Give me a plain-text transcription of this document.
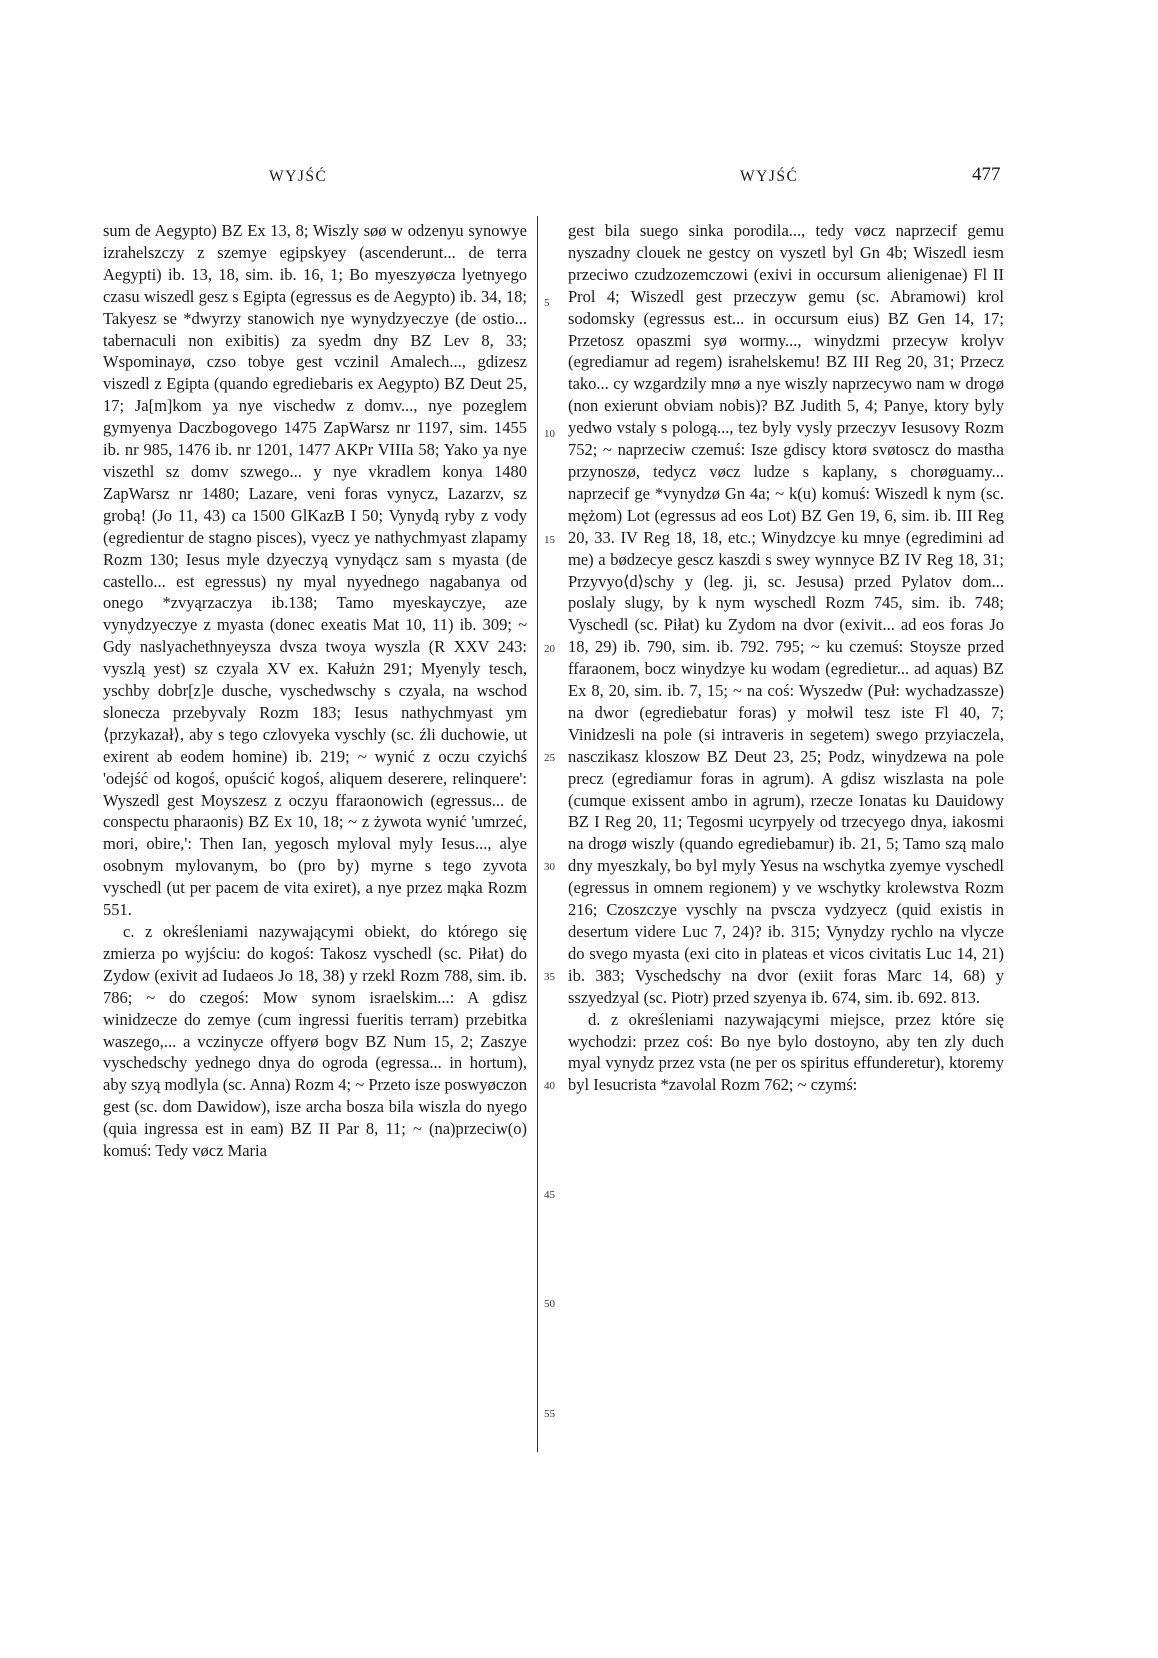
WYJŚĆ	WYJŚĆ	477

sum de Aegypto) BZ Ex 13, 8; Wiszly søø w odzenyu synowye izrahelszczy z szemye egipskyey (ascenderunt... de terra Aegypti) ib. 13, 18, sim. ib. 16, 1; Bo myeszyøcza lyetnyego czasu wiszedl gesz s Egipta (egressus es de Aegypto) ib. 34, 18; Takyesz se *dwyrzy stanowich nye wynydzyeczye (de ostio... tabernaculi non exibitis) za syedm dny BZ Lev 8, 33; Wspominayø, czso tobye gest vczinil Amalech..., gdizesz viszedl z Egipta (quando egrediebaris ex Aegypto) BZ Deut 25, 17; Ja[m]kom ya nye vischedw z domv..., nye pozeglem gymyenya Daczbogovego 1475 ZapWarsz nr 1197, sim. 1455 ib. nr 985, 1476 ib. nr 1201, 1477 AKPr VIIIa 58; Yako ya nye viszethl sz domv szwego... y nye vkradlem konya 1480 ZapWarsz nr 1480; Lazare, veni foras vynycz, Lazarzv, sz grobą! (Jo 11, 43) ca 1500 GlKazB I 50; Vynydą ryby z vody (egredientur de stagno pisces), vyecz ye nathychmyast zlapamy Rozm 130; Iesus myle dzyeczyą vynydącz sam s myasta (de castello... est egressus) ny myal nyyednego nagabanya od onego *zvyąrzaczya ib.138; Tamo myeskayczye, aze vynydzyeczye z myasta (donec exeatis Mat 10, 11) ib. 309; ~ Gdy naslyachethnyeysza dvsza twoya wyszla (R XXV 243: vyszlą yest) sz czyala XV ex. Kałużn 291; Myenyly tesch, yschby dobr[z]e dusche, vyschedwschy s czyala, na wschod slonecza przebyvaly Rozm 183; Iesus nathychmyast ym ⟨przykazał⟩, aby s tego czlovyeka vyschly (sc. źli duchowie, ut exirent ab eodem homine) ib. 219; ~ wynić z oczu czyichś 'odejść od kogoś, opuścić kogoś, aliquem deserere, relinquere': Wyszedl gest Moyszesz z oczyu ffaraonowich (egressus... de conspectu pharaonis) BZ Ex 10, 18; ~ z żywota wynić 'umrzeć, mori, obire,': Then Ian, yegosch myloval myly Iesus..., alye osobnym mylovanym, bo (pro by) myrne s tego zyvota vyschedl (ut per pacem de vita exiret), a nye przez mąka Rozm 551.

c. z określeniami nazywającymi obiekt, do którego się zmierza po wyjściu: do kogoś: Takosz vyschedl (sc. Piłat) do Zydow (exivit ad Iudaeos Jo 18, 38) y rzekl Rozm 788, sim. ib. 786; ~ do czegoś: Mow synom israelskim...: A gdisz winidzecze do zemye (cum ingressi fueritis terram) przebitka waszego,... a vczinycze offyerø bogv BZ Num 15, 2; Zaszye vyschedschy yednego dnya do ogroda (egressa... in hortum), aby szyą modlyla (sc. Anna) Rozm 4; ~ Przeto isze poswyøczon gest (sc. dom Dawidow), isze archa bosza bila wiszla do nyego (quia ingressa est in eam) BZ II Par 8, 11; ~ (na)przeciw(o) komuś: Tedy vøcz Maria

5
10
15
20
25
30
35
40
45
50
55

gest bila suego sinka porodila..., tedy vøcz naprzecif gemu nyszadny clouek ne gestcy on vyszetl byl Gn 4b; Wiszedl iesm przeciwo czudzozemczowi (exivi in occursum alienigenae) Fl II Prol 4; Wiszedl gest przeczyw gemu (sc. Abramowi) krol sodomsky (egressus est... in occursum eius) BZ Gen 14, 17; Przetosz opaszmi syø wormy..., winydzmi przecyw krolyv (egrediamur ad regem) israhelskemu! BZ III Reg 20, 31; Przecz tako... cy wzgardzily mnø a nye wiszly naprzecywo nam w drogø (non exierunt obviam nobis)? BZ Judith 5, 4; Panye, ktory byly yedwo vstaly s pologą..., tez byly vysly przeczyv Iesusovy Rozm 752; ~ naprzeciw czemuś: Isze gdiscy ktorø svøtoscz do mastha przynoszø, tedycz vøcz ludze s kaplany, s chorøguamy... naprzecif ge *vynydzø Gn 4a; ~ k(u) komuś: Wiszedl k nym (sc. mężom) Lot (egressus ad eos Lot) BZ Gen 19, 6, sim. ib. III Reg 20, 33. IV Reg 18, 18, etc.; Winydzcye ku mnye (egredimini ad me) a bødzecye gescz kaszdi s swey wynnyce BZ IV Reg 18, 31; Przyvyo⟨d⟩schy y (leg. ji, sc. Jesusa) przed Pylatov dom... poslaly slugy, by k nym wyschedl Rozm 745, sim. ib. 748; Vyschedl (sc. Piłat) ku Zydom na dvor (exivit... ad eos foras Jo 18, 29) ib. 790, sim. ib. 792. 795; ~ ku czemuś: Stoysze przed ffaraonem, bocz winydzye ku wodam (egredietur... ad aquas) BZ Ex 8, 20, sim. ib. 7, 15; ~ na coś: Wyszedw (Puł: wychadzassze) na dwor (egrediebatur foras) y mołwil tesz iste Fl 40, 7; Vinidzesli na pole (si intraveris in segetem) swego przyiaczela, nasczikasz kloszow BZ Deut 23, 25; Podz, winydzewa na pole precz (egrediamur foras in agrum). A gdisz wiszlasta na pole (cumque exissent ambo in agrum), rzecze Ionatas ku Dauidowy BZ I Reg 20, 11; Tegosmi ucyrpyely od trzecyego dnya, iakosmi na drogø wiszly (quando egrediebamur) ib. 21, 5; Tamo szą malo dny myeszkaly, bo byl myly Yesus na wschytka zyemye vyschedl (egressus in omnem regionem) y ve wschytky krolewstva Rozm 216; Czoszczye vyschly na pvscza vydzyecz (quid existis in desertum videre Luc 7, 24)? ib. 315; Vynydzy rychlo na vlycze do svego myasta (exi cito in plateas et vicos civitatis Luc 14, 21) ib. 383; Vyschedschy na dvor (exiit foras Marc 14, 68) y sszyedzyal (sc. Piotr) przed szyenya ib. 674, sim. ib. 692. 813.

d. z określeniami nazywającymi miejsce, przez które się wychodzi: przez coś: Bo nye bylo dostoyno, aby ten zly duch myal vynydz przez vsta (ne per os spiritus effunderetur), ktoremy byl Iesucrista *zavolal Rozm 762; ~ czymś:
